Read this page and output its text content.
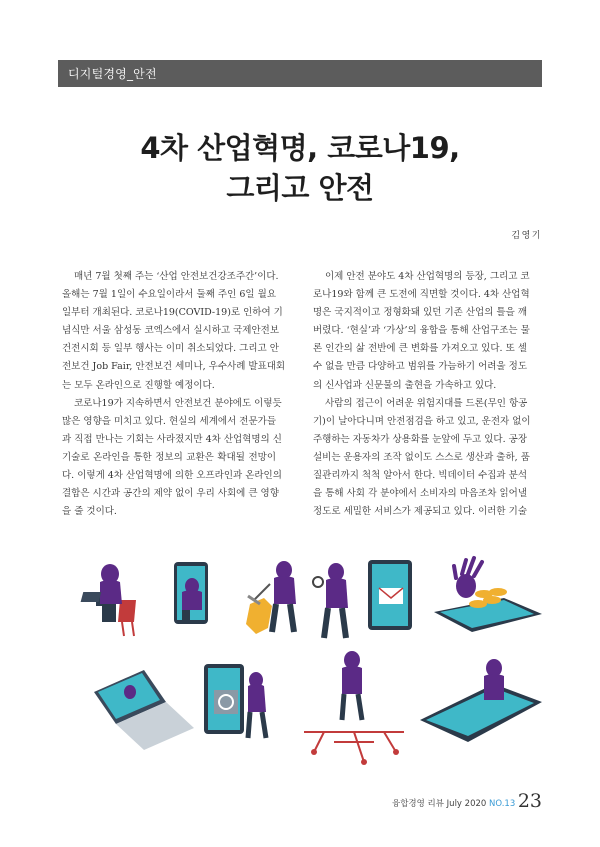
디지털경영_안전
4차 산업혁명, 코로나19,
그리고 안전
김영기
매년 7월 첫째 주는 ‘산업 안전보건강조주간’이다.
올해는 7월 1일이 수요일이라서 둘째 주인 6일 월요
일부터 개최된다. 코로나19(COVID-19)로 인하여 기
념식만 서울 삼성동 코엑스에서 실시하고 국제안전보
건전시회 등 일부 행사는 이미 취소되었다. 그리고 안
전보건 Job Fair, 안전보건 세미나, 우수사례 발표대회
는 모두 온라인으로 진행할 예정이다.
코로나19가 지속하면서 안전보건 분야에도 이렇듯
많은 영향을 미치고 있다. 현실의 세계에서 전문가들
과 직접 만나는 기회는 사라졌지만 4차 산업혁명의 신
기술로 온라인을 통한 정보의 교환은 확대될 전망이
다. 이렇게 4차 산업혁명에 의한 오프라인과 온라인의
결합은 시간과 공간의 제약 없이 우리 사회에 큰 영향
을 줄 것이다.
이제 안전 분야도 4차 산업혁명의 등장, 그리고 코
로나19와 함께 큰 도전에 직면할 것이다. 4차 산업혁
명은 국지적이고 정형화돼 있던 기존 산업의 틀을 깨
버렸다. ‘현실’과 ‘가상’의 융합을 통해 산업구조는 물
론 인간의 삶 전반에 큰 변화를 가져오고 있다. 또 셀
수 없을 만큼 다양하고 범위를 가늠하기 어려울 정도
의 신사업과 신문물의 출현을 가속하고 있다.
사람의 접근이 어려운 위험지대를 드론(무인 항공
기)이 날아다니며 안전점검을 하고 있고, 운전자 없이
주행하는 자동차가 상용화를 눈앞에 두고 있다. 공장
설비는 운용자의 조작 없이도 스스로 생산과 출하, 품
질관리까지 척척 알아서 한다. 빅데이터 수집과 분석
을 통해 사회 각 분야에서 소비자의 마음조차 읽어낼
정도로 세밀한 서비스가 제공되고 있다. 이러한 기술
융합경영 리뷰 July 2020 NO.13 23
